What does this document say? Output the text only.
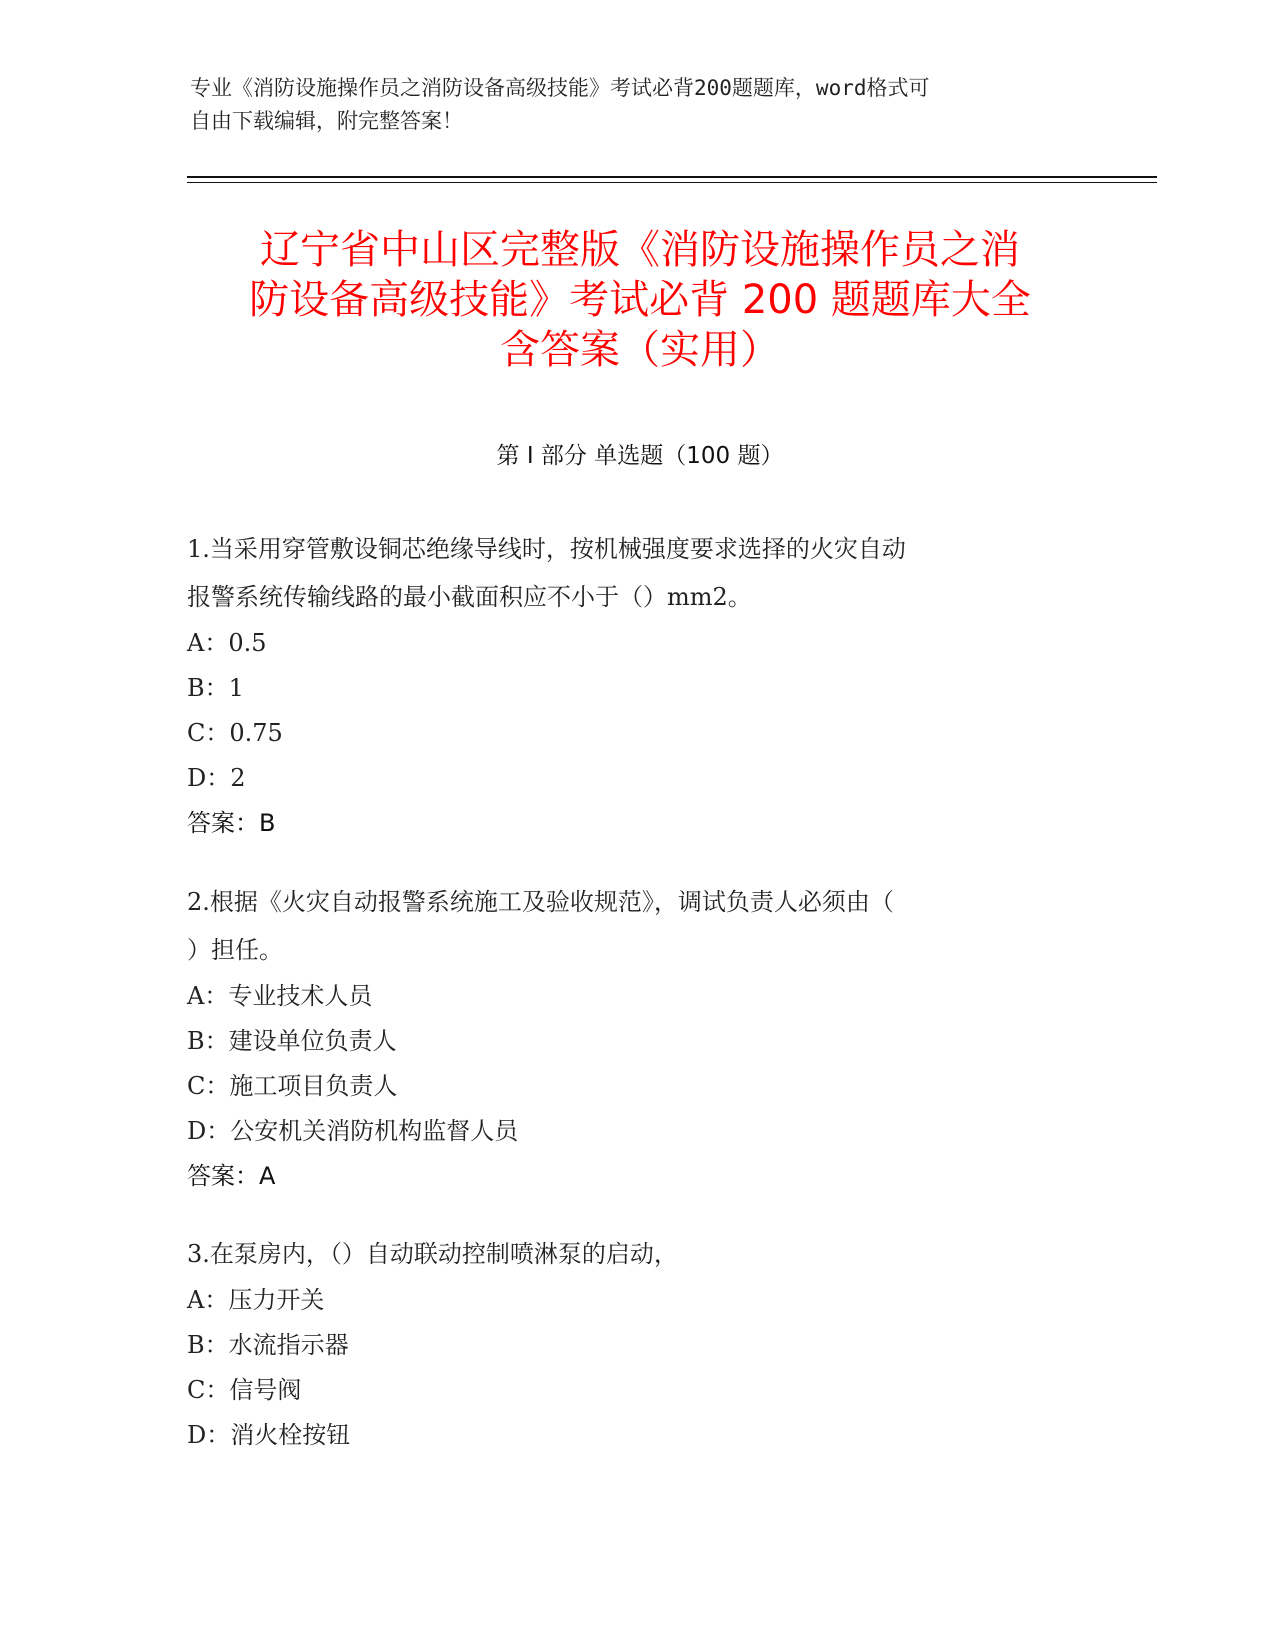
专业《消防设施操作员之消防设备高级技能》考试必背200题题库，word格式可
自由下载编辑，附完整答案！
辽宁省中山区完整版《消防设施操作员之消
防设备高级技能》考试必背 200 题题库大全
含答案（实用）
第 I 部分 单选题（100 题）

1.当采用穿管敷设铜芯绝缘导线时，按机械强度要求选择的火灾自动

报警系统传输线路的最小截面积应不小于（）mm2。

A：0.5

B：1

C：0.75

D：2

答案：B

2.根据《火灾自动报警系统施工及验收规范》，调试负责人必须由（

）担任。

A：专业技术人员

B：建设单位负责人

C：施工项目负责人

D：公安机关消防机构监督人员

答案：A

3.在泵房内，（）自动联动控制喷淋泵的启动，

A：压力开关

B：水流指示器

C：信号阀

D：消火栓按钮
